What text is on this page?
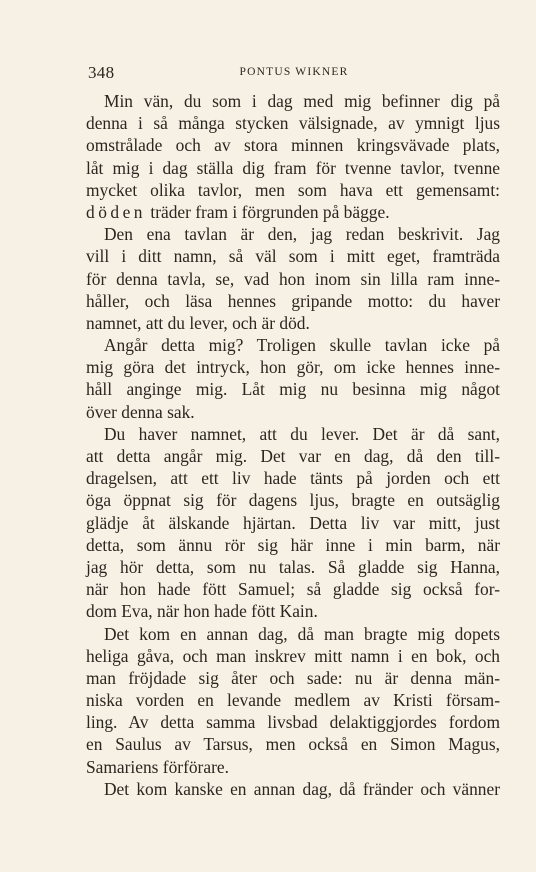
348	PONTUS WIKNER
Min vän, du som i dag med mig befinner dig på
denna i så många stycken välsignade, av ymnigt ljus
omstrålade och av stora minnen kringsvävade plats,
låt mig i dag ställa dig fram för tvenne tavlor, tvenne
mycket olika tavlor, men som hava ett gemensamt:
döden träder fram i förgrunden på bägge.
Den ena tavlan är den, jag redan beskrivit. Jag
vill i ditt namn, så väl som i mitt eget, framträda
för denna tavla, se, vad hon inom sin lilla ram inne-
håller, och läsa hennes gripande motto: du haver
namnet, att du lever, och är död.
Angår detta mig? Troligen skulle tavlan icke på
mig göra det intryck, hon gör, om icke hennes inne-
håll anginge mig. Låt mig nu besinna mig något
över denna sak.
Du haver namnet, att du lever. Det är då sant,
att detta angår mig. Det var en dag, då den till-
dragelsen, att ett liv hade tänts på jorden och ett
öga öppnat sig för dagens ljus, bragte en outsäglig
glädje åt älskande hjärtan. Detta liv var mitt, just
detta, som ännu rör sig här inne i min barm, när
jag hör detta, som nu talas. Så gladde sig Hanna,
när hon hade fött Samuel; så gladde sig också for-
dom Eva, när hon hade fött Kain.
Det kom en annan dag, då man bragte mig dopets
heliga gåva, och man inskrev mitt namn i en bok, och
man fröjdade sig åter och sade: nu är denna män-
niska vorden en levande medlem av Kristi försam-
ling. Av detta samma livsbad delaktiggjordes fordom
en Saulus av Tarsus, men också en Simon Magus,
Samariens förförare.
Det kom kanske en annan dag, då fränder och vänner
